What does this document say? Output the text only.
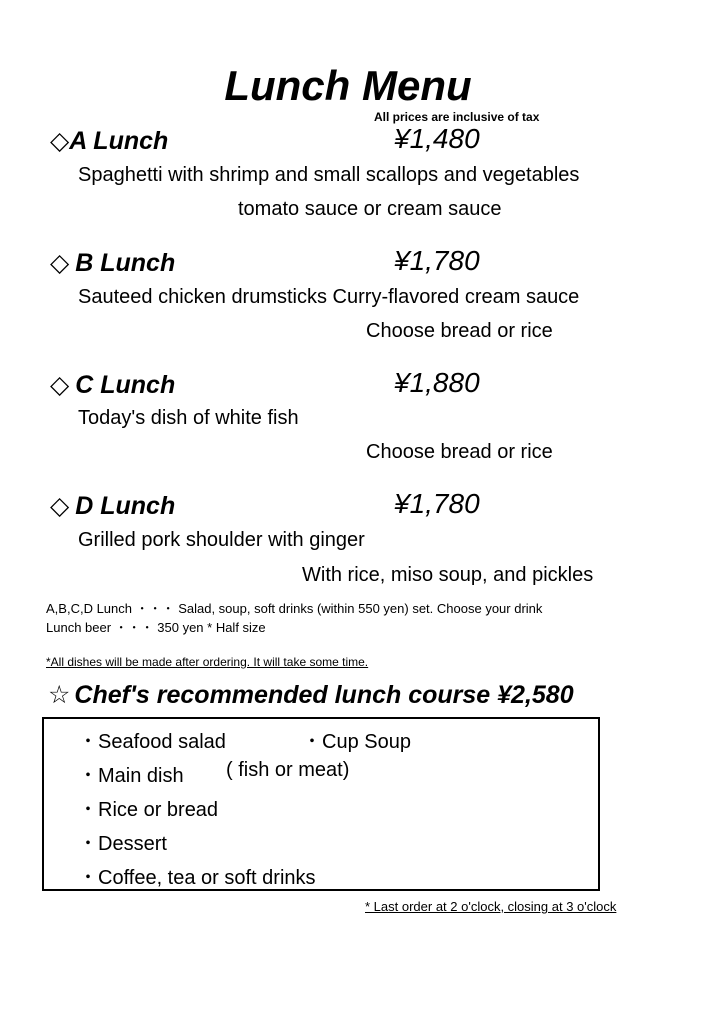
Lunch Menu
All prices are inclusive of tax
◇A Lunch	¥1,480
Spaghetti with shrimp and small scallops and vegetables
tomato sauce or cream sauce
◇ B Lunch	¥1,780
Sauteed chicken drumsticks Curry-flavored cream sauce
Choose bread or rice
◇ C Lunch	¥1,880
Today's dish of white fish
Choose bread or rice
◇ D Lunch	¥1,780
Grilled pork shoulder with ginger
With rice, miso soup, and pickles
A,B,C,D Lunch ・・・ Salad, soup, soft drinks (within 550 yen) set. Choose your drink
Lunch beer ・・・ 350 yen * Half size
*All dishes will be made after ordering. It will take some time.
☆ Chef's recommended lunch course ¥2,580
・Seafood salad	・Cup Soup
・Main dish ( fish or meat)
・Rice or bread
・Dessert
・Coffee, tea or soft drinks
* Last order at 2 o'clock, closing at 3 o'clock
